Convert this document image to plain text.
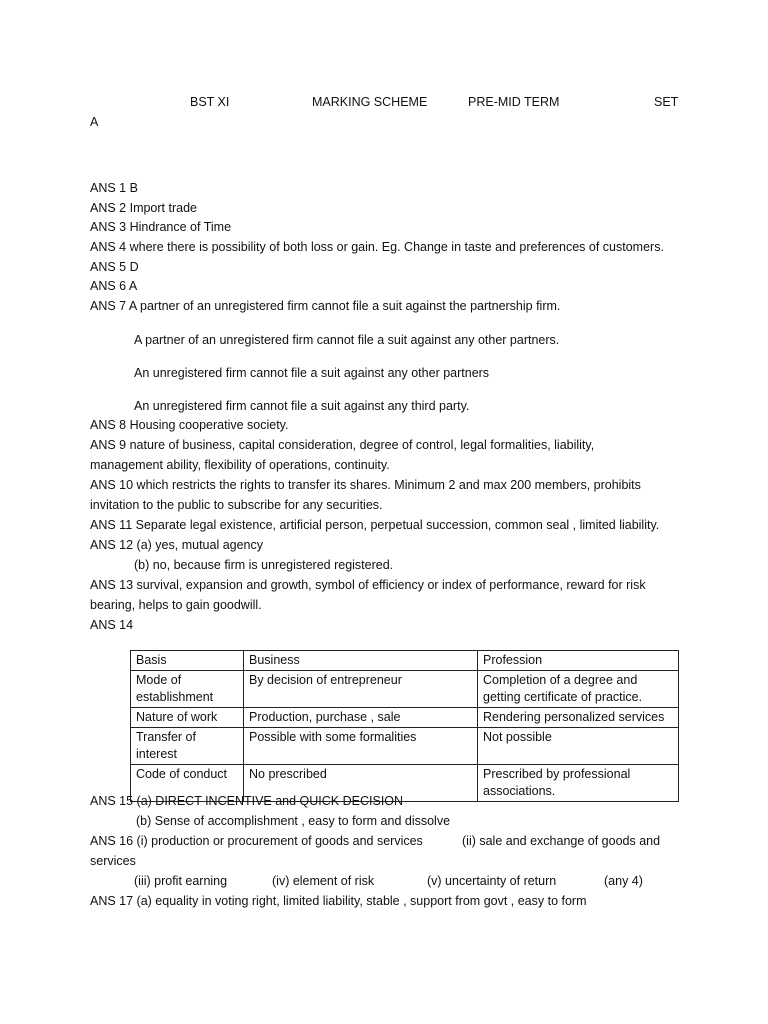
BST XI	MARKING SCHEME	PRE-MID TERM	SET
A
ANS 1 B
ANS 2 Import trade
ANS 3 Hindrance of Time
ANS 4 where there is possibility of both loss or gain. Eg. Change in taste and preferences of customers.
ANS 5 D
ANS 6 A
ANS 7 A partner of an unregistered firm cannot file a suit against the partnership firm.
A partner of an unregistered firm cannot file a suit against any other partners.
An unregistered firm cannot file a suit against any other partners
An unregistered firm cannot file a suit against any third party.
ANS 8 Housing cooperative society.
ANS 9 nature of business, capital consideration, degree of control, legal formalities, liability,
management ability, flexibility of operations, continuity.
ANS 10 which restricts the rights to transfer its shares. Minimum 2 and max 200 members, prohibits
invitation to the public to subscribe for any securities.
ANS 11 Separate legal existence, artificial person, perpetual succession, common seal , limited liability.
ANS 12 (a) yes, mutual agency
(b) no, because firm is unregistered registered.
ANS 13 survival, expansion and growth, symbol of efficiency or index of performance, reward for risk
bearing, helps to gain goodwill.
ANS 14
Basis	Business	Profession
Mode of establishment	By decision of entrepreneur	Completion of a degree and getting certificate of practice.
Nature of work	Production, purchase , sale	Rendering personalized services
Transfer of interest	Possible with some formalities	Not possible
Code of conduct	No prescribed	Prescribed by professional associations.
ANS 15 (a) DIRECT INCENTIVE and QUICK DECISION
(b) Sense of accomplishment , easy to form and dissolve
ANS 16 (i) production or procurement of goods and services	(ii) sale and exchange of goods and
services
(iii) profit earning	(iv) element of risk	(v) uncertainty of return	(any 4)
ANS 17 (a) equality in voting right, limited liability, stable , support from govt , easy to form
